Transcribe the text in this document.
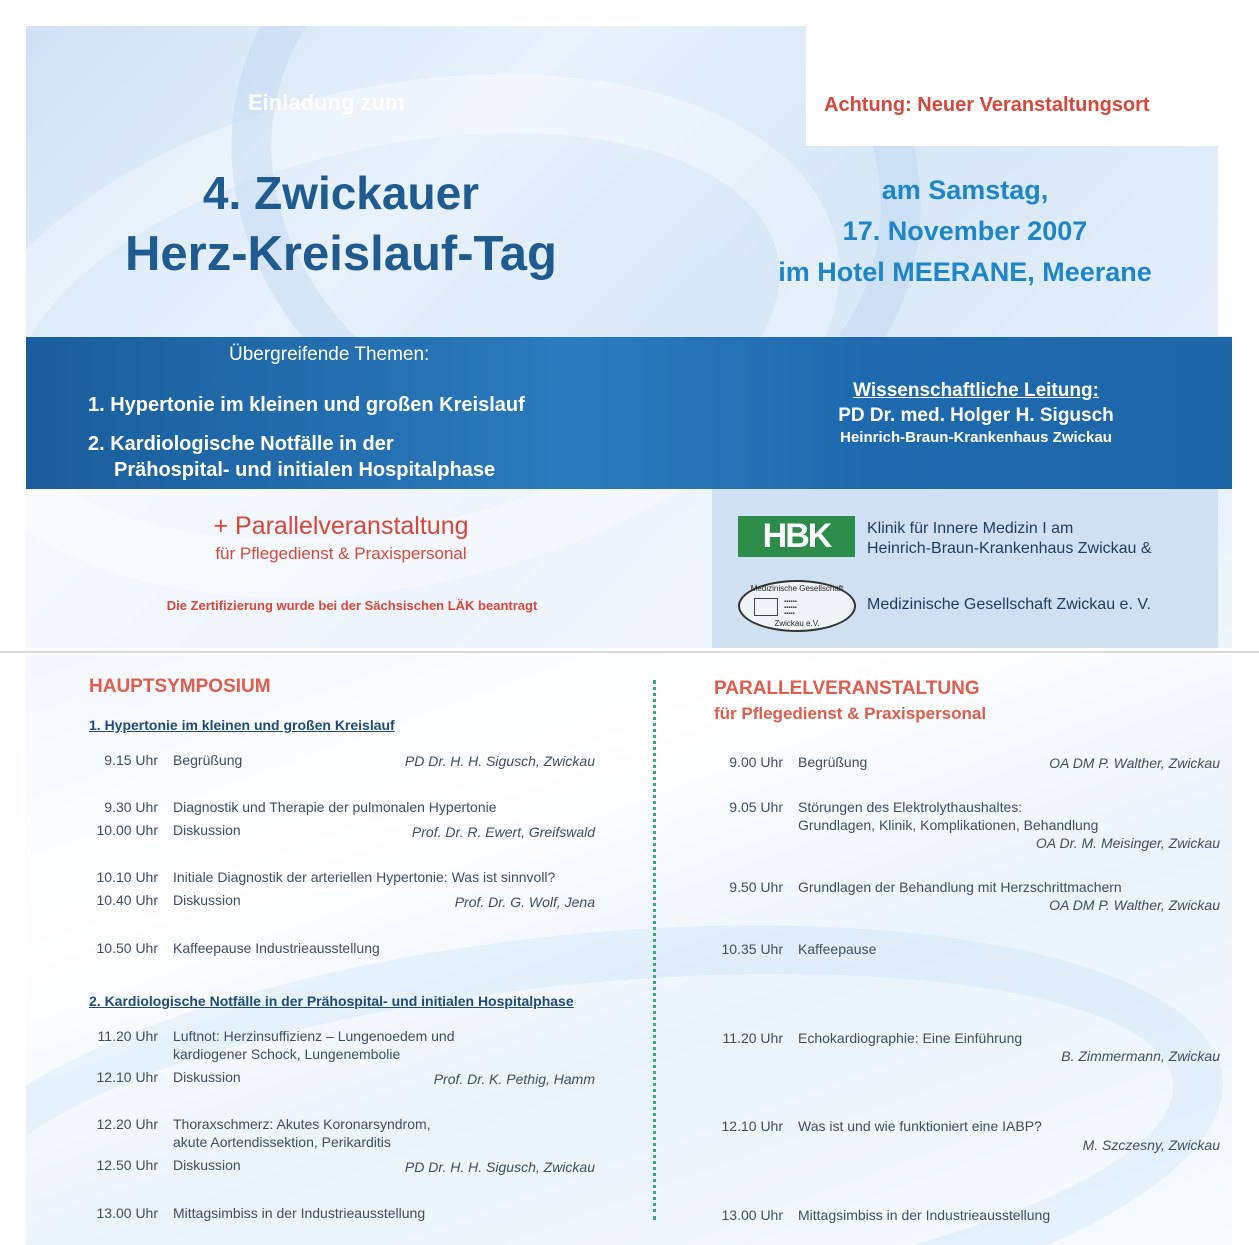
Einladung zum
4. Zwickauer
Herz-Kreislauf-Tag
Achtung: Neuer Veranstaltungsort
am Samstag,
17. November 2007
im Hotel MEERANE, Meerane
Übergreifende Themen:
1. Hypertonie im kleinen und großen Kreislauf
2. Kardiologische Notfälle in der
Prähospital- und initialen Hospitalphase
Wissenschaftliche Leitung:
PD Dr. med. Holger H. Sigusch
Heinrich-Braun-Krankenhaus Zwickau
+ Parallelveranstaltung
für Pflegedienst & Praxispersonal
Die Zertifizierung wurde bei der Sächsischen LÄK beantragt
HBK	Klinik für Innere Medizin I am
Heinrich-Braun-Krankenhaus Zwickau &
Medizinische Gesellschaft
▪▪▪▪▪▪
▪▪▪▪▪▪
▪▪▪▪▪
Zwickau e.V.
Medizinische Gesellschaft Zwickau e. V.
HAUPTSYMPOSIUM
1. Hypertonie im kleinen und großen Kreislauf
9.15 Uhr Begrüßung	PD Dr. H. H. Sigusch, Zwickau
9.30 Uhr Diagnostik und Therapie der pulmonalen Hypertonie
10.00 Uhr Diskussion	Prof. Dr. R. Ewert, Greifswald
10.10 Uhr Initiale Diagnostik der arteriellen Hypertonie: Was ist sinnvoll?
10.40 Uhr Diskussion	Prof. Dr. G. Wolf, Jena
10.50 Uhr Kaffeepause Industrieausstellung
2. Kardiologische Notfälle in der Prähospital- und initialen Hospitalphase
11.20 Uhr Luftnot: Herzinsuffizienz – Lungenoedem und
kardiogener Schock, Lungenembolie
12.10 Uhr Diskussion	Prof. Dr. K. Pethig, Hamm
12.20 Uhr Thoraxschmerz: Akutes Koronarsyndrom,
akute Aortendissektion, Perikarditis
12.50 Uhr Diskussion	PD Dr. H. H. Sigusch, Zwickau
13.00 Uhr Mittagsimbiss in der Industrieausstellung
PARALLELVERANSTALTUNG
für Pflegedienst & Praxispersonal
9.00 Uhr Begrüßung	OA DM P. Walther, Zwickau
9.05 Uhr Störungen des Elektrolythaushaltes:
Grundlagen, Klinik, Komplikationen, Behandlung
OA Dr. M. Meisinger, Zwickau
9.50 Uhr Grundlagen der Behandlung mit Herzschrittmachern
OA DM P. Walther, Zwickau
10.35 Uhr Kaffeepause
11.20 Uhr Echokardiographie: Eine Einführung
B. Zimmermann, Zwickau
12.10 Uhr Was ist und wie funktioniert eine IABP?
M. Szczesny, Zwickau
13.00 Uhr Mittagsimbiss in der Industrieausstellung
